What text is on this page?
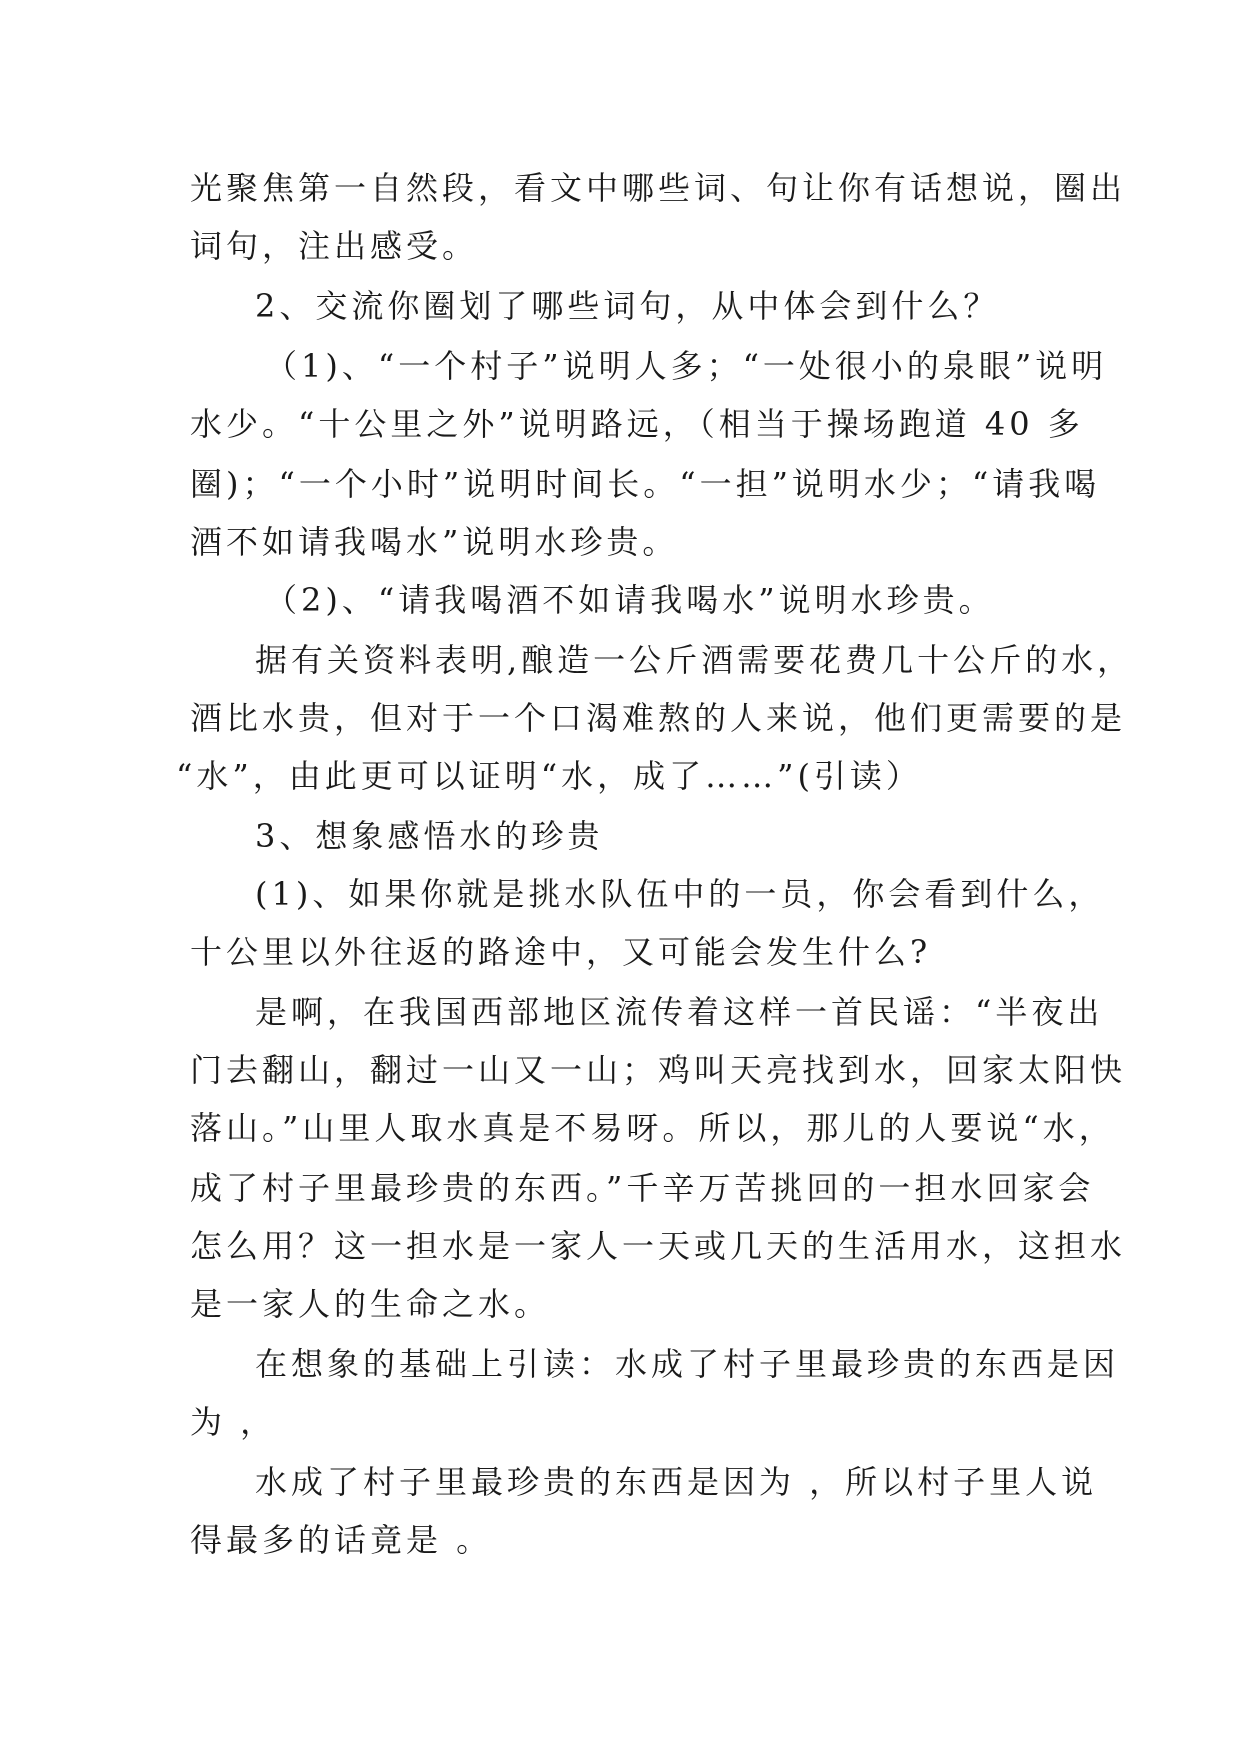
光聚焦第一自然段，看文中哪些词、句让你有话想说，圈出

词句，注出感受。

2、交流你圈划了哪些词句，从中体会到什么？

（1)、“一个村子”说明人多；“一处很小的泉眼”说明

水少。“十公里之外”说明路远，（相当于操场跑道 40 多

圈)；“一个小时”说明时间长。“一担”说明水少；“请我喝

酒不如请我喝水”说明水珍贵。

（2)、“请我喝酒不如请我喝水”说明水珍贵。

据有关资料表明,酿造一公斤酒需要花费几十公斤的水，

酒比水贵，但对于一个口渴难熬的人来说，他们更需要的是

“水”，由此更可以证明“水，成了……”(引读）

3、想象感悟水的珍贵

(1)、如果你就是挑水队伍中的一员，你会看到什么，

十公里以外往返的路途中，又可能会发生什么?

是啊，在我国西部地区流传着这样一首民谣：“半夜出

门去翻山，翻过一山又一山；鸡叫天亮找到水，回家太阳快

落山。”山里人取水真是不易呀。所以，那儿的人要说“水，

成了村子里最珍贵的东西。”千辛万苦挑回的一担水回家会

怎么用？这一担水是一家人一天或几天的生活用水，这担水

是一家人的生命之水。

在想象的基础上引读：水成了村子里最珍贵的东西是因

为 ，

水成了村子里最珍贵的东西是因为 ，所以村子里人说

得最多的话竟是 。
